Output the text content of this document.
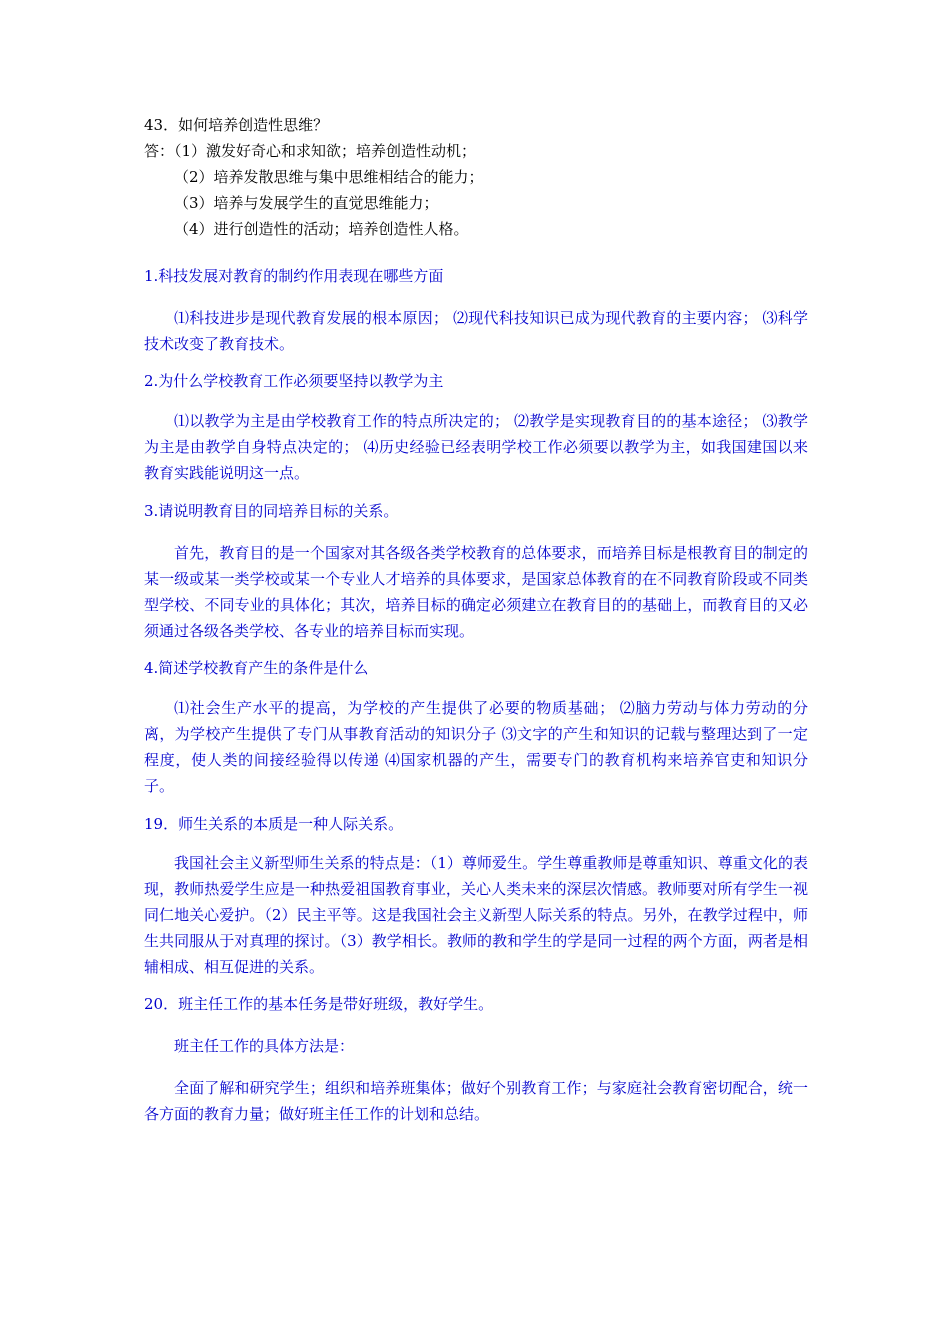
43．如何培养创造性思维？

答：（1）激发好奇心和求知欲；培养创造性动机；

（2）培养发散思维与集中思维相结合的能力；

（3）培养与发展学生的直觉思维能力；

（4）进行创造性的活动；培养创造性人格。

1.科技发展对教育的制约作用表现在哪些方面

⑴科技进步是现代教育发展的根本原因； ⑵现代科技知识已成为现代教育的主要内容； ⑶科学技术改变了教育技术。

2.为什么学校教育工作必须要坚持以教学为主

⑴以教学为主是由学校教育工作的特点所决定的； ⑵教学是实现教育目的的基本途径； ⑶教学为主是由教学自身特点决定的； ⑷历史经验已经表明学校工作必须要以教学为主，如我国建国以来教育实践能说明这一点。

3.请说明教育目的同培养目标的关系。

首先，教育目的是一个国家对其各级各类学校教育的总体要求，而培养目标是根教育目的制定的某一级或某一类学校或某一个专业人才培养的具体要求，是国家总体教育的在不同教育阶段或不同类型学校、不同专业的具体化；其次，培养目标的确定必须建立在教育目的的基础上，而教育目的又必须通过各级各类学校、各专业的培养目标而实现。

4.简述学校教育产生的条件是什么

⑴社会生产水平的提高，为学校的产生提供了必要的物质基础； ⑵脑力劳动与体力劳动的分离，为学校产生提供了专门从事教育活动的知识分子 ⑶文字的产生和知识的记载与整理达到了一定程度，使人类的间接经验得以传递 ⑷国家机器的产生，需要专门的教育机构来培养官吏和知识分子。

19．师生关系的本质是一种人际关系。

我国社会主义新型师生关系的特点是：（1）尊师爱生。学生尊重教师是尊重知识、尊重文化的表现，教师热爱学生应是一种热爱祖国教育事业，关心人类未来的深层次情感。教师要对所有学生一视同仁地关心爱护。（2）民主平等。这是我国社会主义新型人际关系的特点。另外，在教学过程中，师生共同服从于对真理的探讨。（3）教学相长。教师的教和学生的学是同一过程的两个方面，两者是相辅相成、相互促进的关系。

20．班主任工作的基本任务是带好班级，教好学生。

班主任工作的具体方法是：

全面了解和研究学生；组织和培养班集体；做好个别教育工作；与家庭社会教育密切配合，统一各方面的教育力量；做好班主任工作的计划和总结。
